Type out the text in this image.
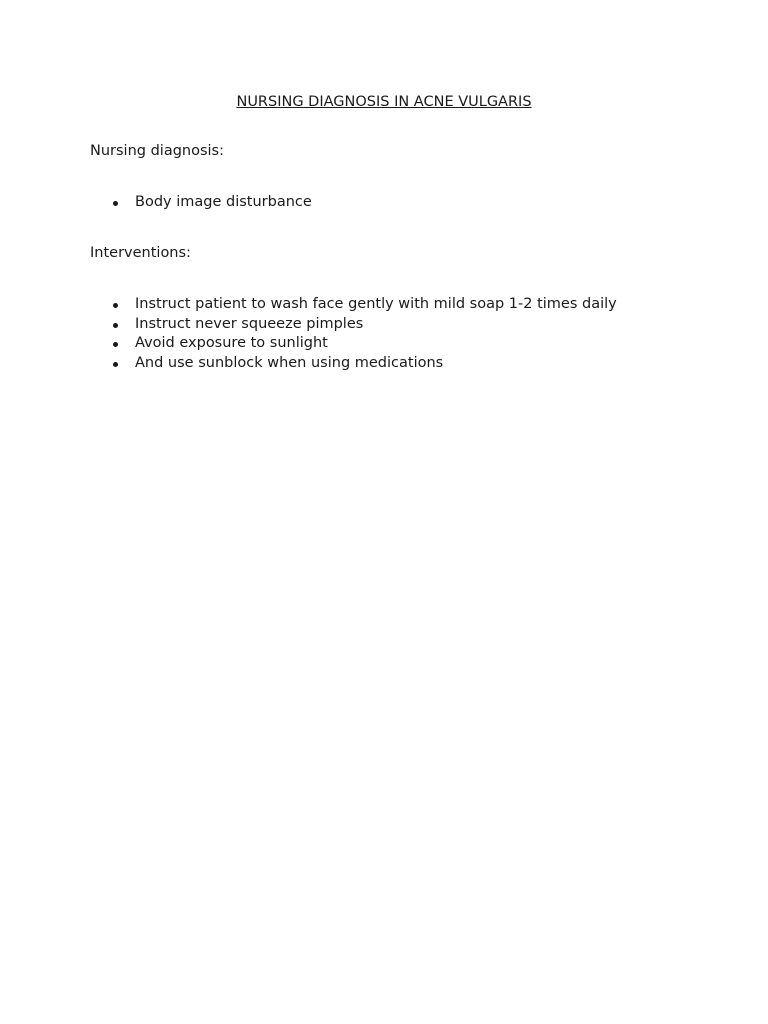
NURSING DIAGNOSIS IN ACNE VULGARIS

Nursing diagnosis:

Body image disturbance

Interventions:

Instruct patient to wash face gently with mild soap 1-2 times daily
Instruct never squeeze pimples
Avoid exposure to sunlight
And use sunblock when using medications
